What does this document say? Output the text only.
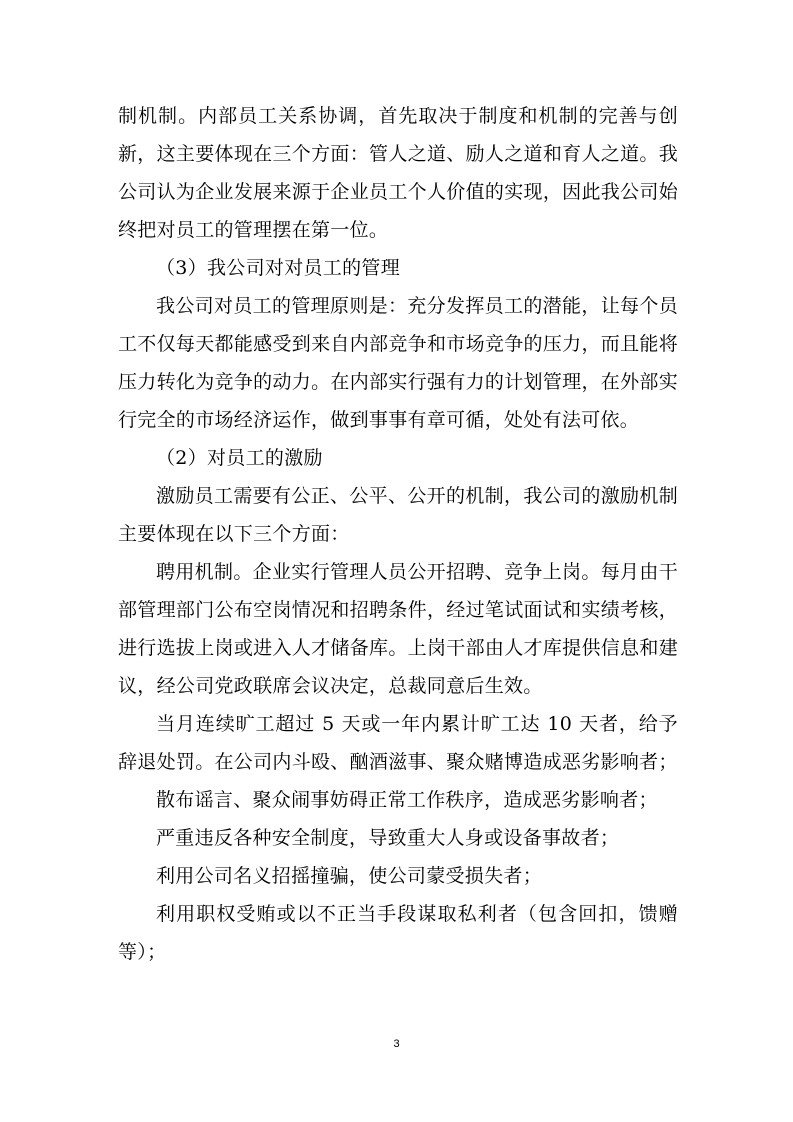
制机制。内部员工关系协调，首先取决于制度和机制的完善与创新，这主要体现在三个方面：管人之道、励人之道和育人之道。我公司认为企业发展来源于企业员工个人价值的实现，因此我公司始终把对员工的管理摆在第一位。

（3）我公司对对员工的管理

我公司对员工的管理原则是：充分发挥员工的潜能，让每个员工不仅每天都能感受到来自内部竞争和市场竞争的压力，而且能将压力转化为竞争的动力。在内部实行强有力的计划管理，在外部实行完全的市场经济运作，做到事事有章可循，处处有法可依。

（2）对员工的激励

激励员工需要有公正、公平、公开的机制，我公司的激励机制主要体现在以下三个方面：

聘用机制。企业实行管理人员公开招聘、竞争上岗。每月由干部管理部门公布空岗情况和招聘条件，经过笔试面试和实绩考核，进行选拔上岗或进入人才储备库。上岗干部由人才库提供信息和建议，经公司党政联席会议决定，总裁同意后生效。

当月连续旷工超过 5 天或一年内累计旷工达 10 天者，给予辞退处罚。在公司内斗殴、酗酒滋事、聚众赌博造成恶劣影响者；

散布谣言、聚众闹事妨碍正常工作秩序，造成恶劣影响者；

严重违反各种安全制度，导致重大人身或设备事故者；

利用公司名义招摇撞骗，使公司蒙受损失者；

利用职权受贿或以不正当手段谋取私利者（包含回扣，馈赠等）；

3
